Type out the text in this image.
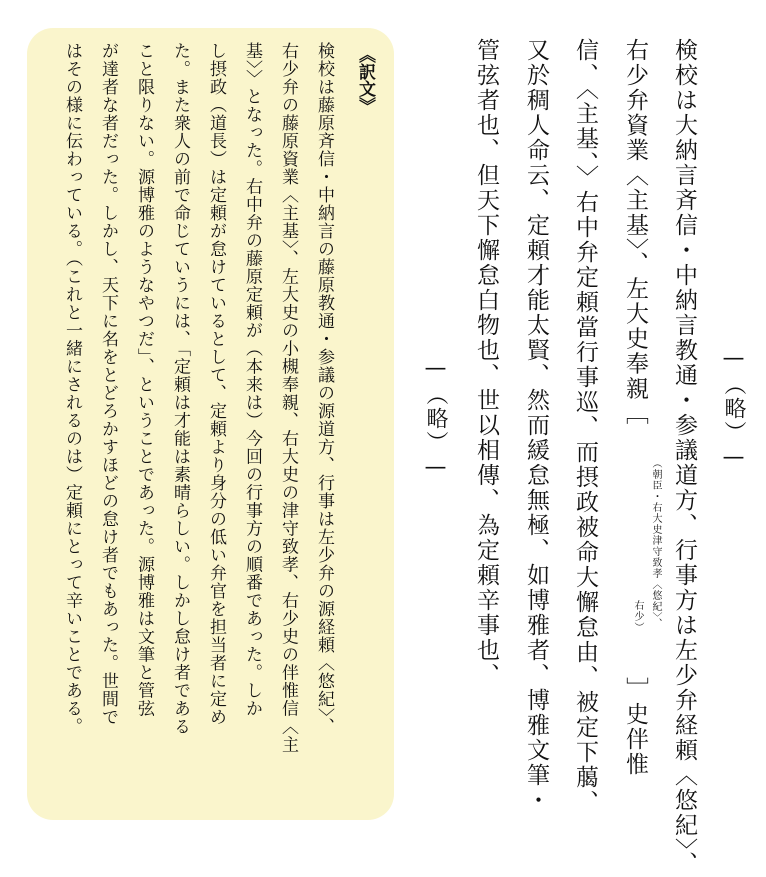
検校は大納言斉信・中納言教通・参議道方、行事方は左少弁経頼〈悠紀〉、
右少弁資業〈主基〉、左大史奉親［
（朝臣・右大史津守致孝〈悠紀〉、
右少）
］史伴惟
信、〈主基、〉右中弁定頼當行事巡、而摂政被命大懈怠由、被定下﨟、
又於稠人命云、定頼才能太賢、然而緩怠無極、如博雅者、博雅文筆・
管弦者也、但天下懈怠白物也、世以相傳、為定頼辛事也、	—（略）—
—（略）—
《訳文》
検校は藤原斉信・中納言の藤原教通・参議の源道方、行事は左少弁の源経頼〈悠紀〉、
右少弁の藤原資業〈主基〉、左大史の小槻奉親、右大史の津守致孝、右少史の伴惟信〈主
基〉〉となった。右中弁の藤原定頼が（本来は）今回の行事方の順番であった。しか
し摂政（道長）は定頼が怠けているとして、定頼より身分の低い弁官を担当者に定め
た。また衆人の前で命じていうには、「定頼は才能は素晴らしい。しかし怠け者である
こと限りない。源博雅のようなやつだ」、ということであった。源博雅は文筆と管弦
が達者な者だった。しかし、天下に名をとどろかすほどの怠け者でもあった。世間で
はその様に伝わっている。（これと一緒にされるのは）定頼にとって辛いことである。
